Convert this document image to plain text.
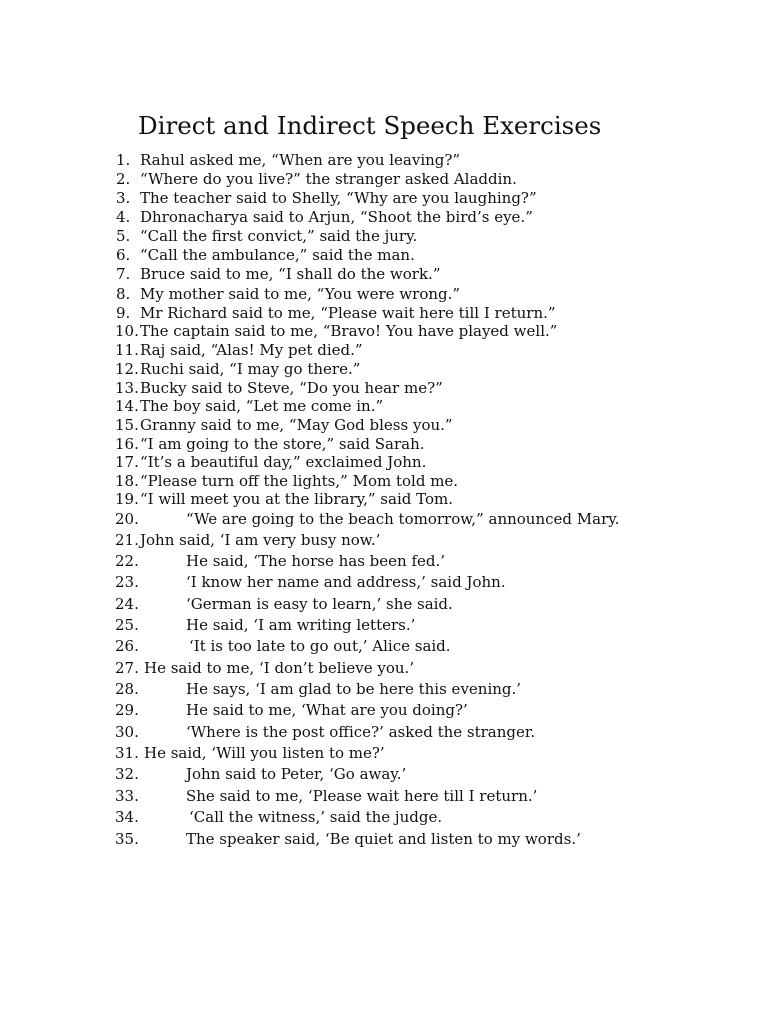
Direct and Indirect Speech Exercises
1. Rahul asked me, “When are you leaving?”
2. “Where do you live?” the stranger asked Aladdin.
3. The teacher said to Shelly, “Why are you laughing?”
4. Dhronacharya said to Arjun, “Shoot the bird’s eye.”
5. “Call the first convict,” said the jury.
6. “Call the ambulance,” said the man.
7. Bruce said to me, “I shall do the work.”
8. My mother said to me, “You were wrong.”
9. Mr Richard said to me, “Please wait here till I return.”
10. The captain said to me, “Bravo! You have played well.”
11. Raj said, “Alas! My pet died.”
12. Ruchi said, “I may go there.”
13. Bucky said to Steve, “Do you hear me?”
14. The boy said, “Let me come in.”
15. Granny said to me, “May God bless you.”
16. “I am going to the store,” said Sarah.
17. “It’s a beautiful day,” exclaimed John.
18. “Please turn off the lights,” Mom told me.
19. “I will meet you at the library,” said Tom.
20.	“We are going to the beach tomorrow,” announced Mary.
21. John said, ‘I am very busy now.’
22.	He said, ‘The horse has been fed.’
23.	‘I know her name and address,’ said John.
24.	‘German is easy to learn,’ she said.
25.	He said, ‘I am writing letters.’
26.	‘It is too late to go out,’ Alice said.
27. He said to me, ‘I don’t believe you.’
28.	He says, ‘I am glad to be here this evening.’
29.	He said to me, ‘What are you doing?’
30.	‘Where is the post office?’ asked the stranger.
31. He said, ‘Will you listen to me?’
32.	John said to Peter, ‘Go away.’
33.	She said to me, ‘Please wait here till I return.’
34.	‘Call the witness,’ said the judge.
35.	The speaker said, ‘Be quiet and listen to my words.’
